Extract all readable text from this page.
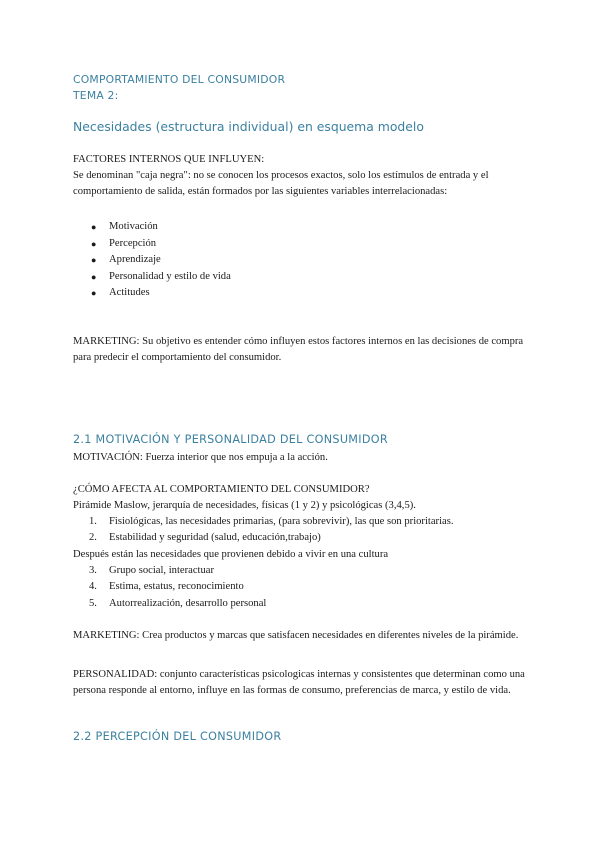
COMPORTAMIENTO DEL CONSUMIDOR
TEMA 2:
Necesidades (estructura individual) en esquema modelo

FACTORES INTERNOS QUE INFLUYEN:

Se denominan "caja negra": no se conocen los procesos exactos, solo los estímulos de entrada y el comportamiento de salida, están formados por las siguientes variables interrelacionadas:

● Motivación
● Percepción
● Aprendizaje
● Personalidad y estilo de vida
● Actitudes

MARKETING: Su objetivo es entender cómo influyen estos factores internos en las decisiones de compra para predecir el comportamiento del consumidor.

2.1 MOTIVACIÓN Y PERSONALIDAD DEL CONSUMIDOR

MOTIVACIÓN: Fuerza interior que nos empuja a la acción.

¿CÓMO AFECTA AL COMPORTAMIENTO DEL CONSUMIDOR?

Pirámide Maslow, jerarquía de necesidades, físicas (1 y 2) y psicológicas (3,4,5).

1. Fisiológicas, las necesidades primarias, (para sobrevivir), las que son prioritarias.
2. Estabilidad y seguridad (salud, educación,trabajo)

Después están las necesidades que provienen debido a vivir en una cultura

3. Grupo social, interactuar
4. Estima, estatus, reconocimiento
5. Autorrealización, desarrollo personal

MARKETING: Crea productos y marcas que satisfacen necesidades en diferentes niveles de la pirámide.

PERSONALIDAD: conjunto características psicologicas internas y consistentes que determinan como una persona responde al entorno, influye en las formas de consumo, preferencias de marca, y estilo de vida.

2.2 PERCEPCIÓN DEL CONSUMIDOR
